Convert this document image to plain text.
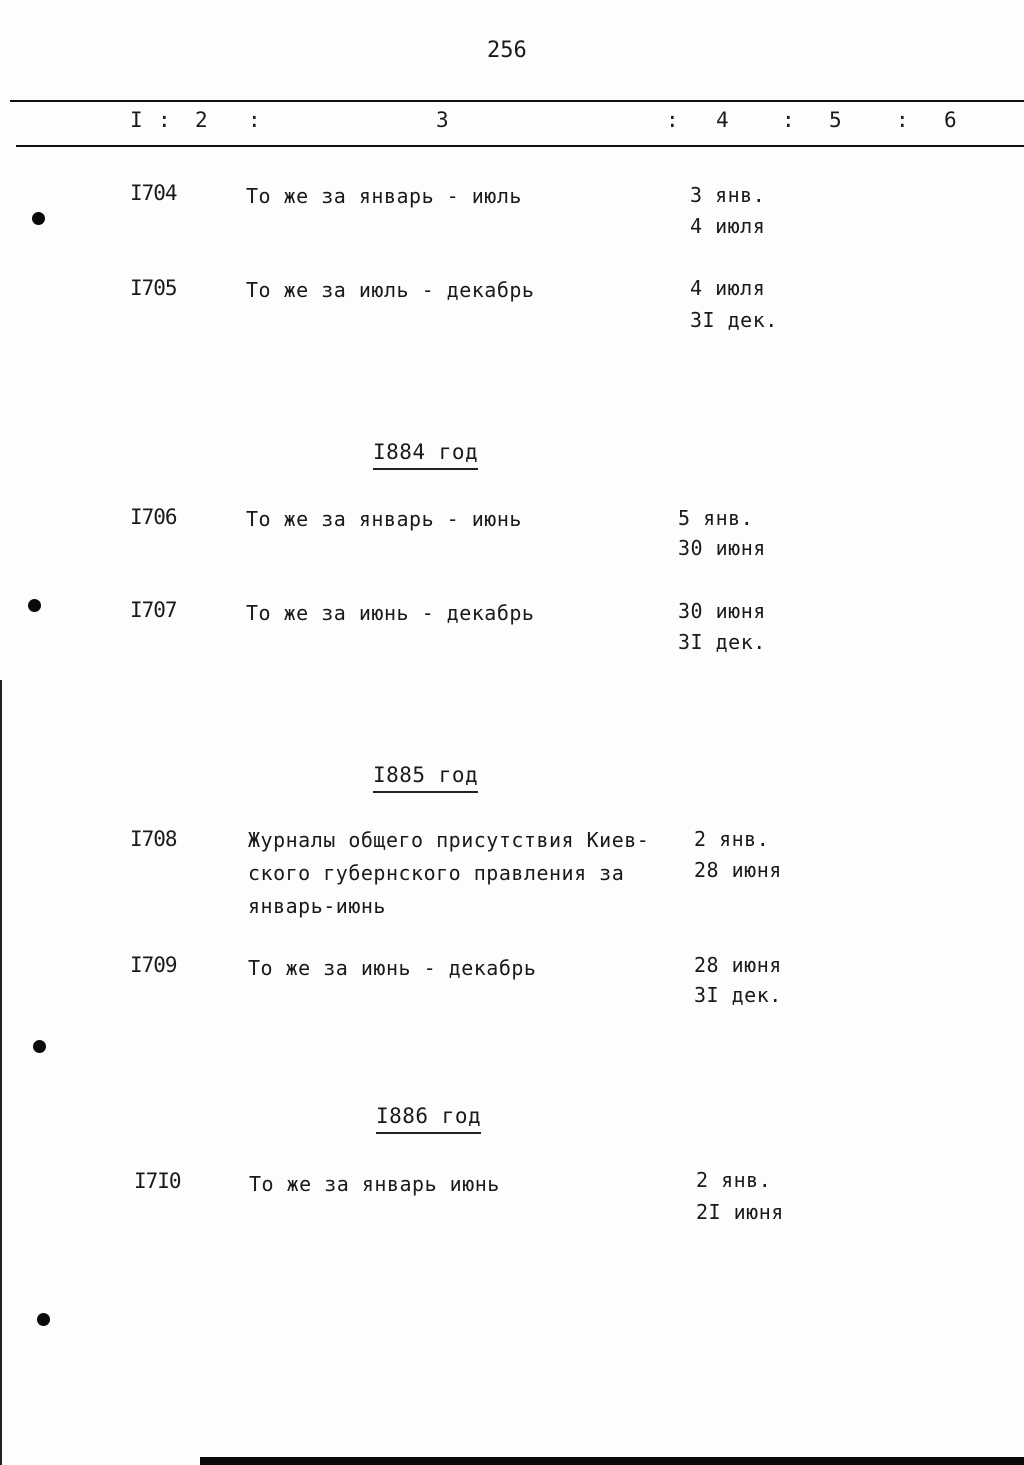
256
I : 2 :	3	: 4	: 5	: 6
I704	То же за январь - июль	3 янв.
4 июля
I705	То же за июль - декабрь	4 июля
3I дек.
I884 год
I706	То же за январь - июнь	5 янв.
30 июня
I707	То же за июнь - декабрь	30 июня
3I дек.
I885 год
I708	Журналы общего присутствия Киев-
ского губернского правления за
январь-июнь
2 янв.
28 июня
I709	То же за июнь - декабрь	28 июня
3I дек.
I886 год
I7I0	То же за январь июнь	2 янв.
2I июня
